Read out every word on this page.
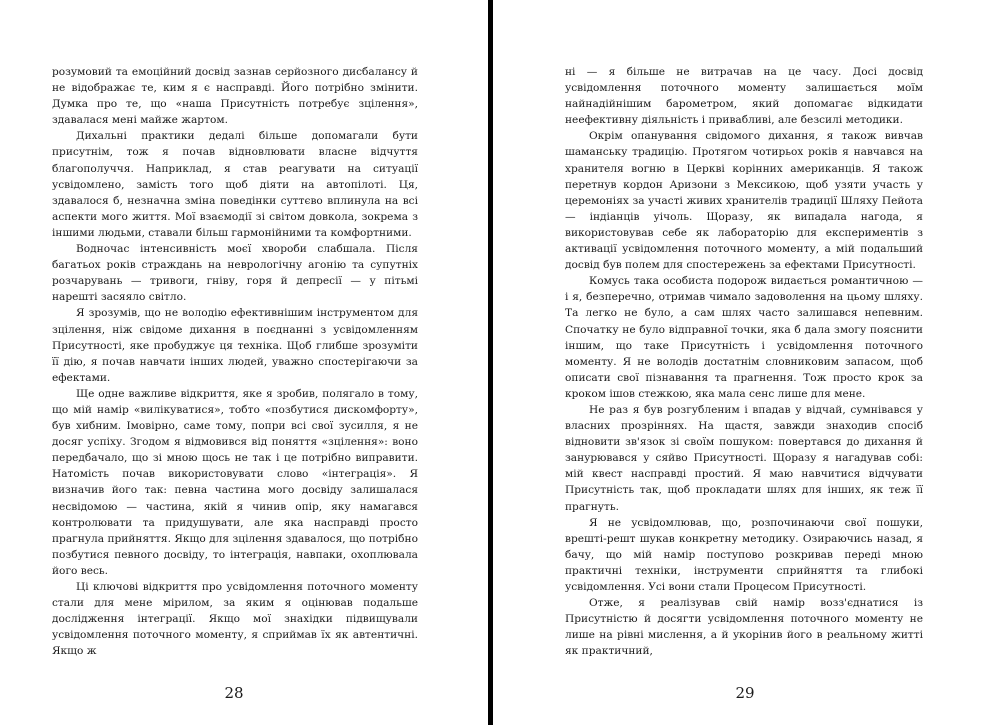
розумовий та емоційний досвід зазнав серйозного дисбалансу й не відображає те, ким я є насправді. Його потрібно змінити. Думка про те, що «наша Присутність потребує зцілення», здавалася мені майже жартом.

Дихальні практики дедалі більше допомагали бути присутнім, тож я почав відновлювати власне відчуття благополуччя. Наприклад, я став реагувати на ситуації усвідомлено, замість того щоб діяти на автопілоті. Ця, здавалося б, незначна зміна поведінки суттєво вплинула на всі аспекти мого життя. Мої взаємодії зі світом довкола, зокрема з іншими людьми, ставали більш гармонійними та комфортними.

Водночас інтенсивність моєї хвороби слабшала. Після багатьох років страждань на неврологічну агонію та супутніх розчарувань — тривоги, гніву, горя й депресії — у пітьмі нарешті засяяло світло.

Я зрозумів, що не володію ефективнішим інструментом для зцілення, ніж свідоме дихання в поєднанні з усвідомленням Присутності, яке пробуджує ця техніка. Щоб глибше зрозуміти її дію, я почав навчати інших людей, уважно спостерігаючи за ефектами.

Ще одне важливе відкриття, яке я зробив, полягало в тому, що мій намір «вилікуватися», тобто «позбутися дискомфорту», був хибним. Імовірно, саме тому, попри всі свої зусилля, я не досяг успіху. Згодом я відмовився від поняття «зцілення»: воно передбачало, що зі мною щось не так і це потрібно виправити. Натомість почав використовувати слово «інтеграція». Я визначив його так: певна частина мого досвіду залишалася несвідомою — частина, якій я чинив опір, яку намагався контролювати та придушувати, але яка насправді просто прагнула прийняття. Якщо для зцілення здавалося, що потрібно позбутися певного досвіду, то інтеграція, навпаки, охоплювала його весь.

Ці ключові відкриття про усвідомлення поточного моменту стали для мене мірилом, за яким я оцінював подальше дослідження інтеграції. Якщо мої знахідки підвищували усвідомлення поточного моменту, я сприймав їх як автентичні. Якщо ж

28

ні — я більше не витрачав на це часу. Досі досвід усвідомлення поточного моменту залишається моїм найнадійнішим барометром, який допомагає відкидати неефективну діяльність і привабливі, але безсилі методики.

Окрім опанування свідомого дихання, я також вивчав шаманську традицію. Протягом чотирьох років я навчався на хранителя вогню в Церкві корінних американців. Я також перетнув кордон Аризони з Мексикою, щоб узяти участь у церемоніях за участі живих хранителів традиції Шляху Пейота — індіанців уічоль. Щоразу, як випадала нагода, я використовував себе як лабораторію для експериментів з активації усвідомлення поточного моменту, а мій подальший досвід був полем для спостережень за ефектами Присутності.

Комусь така особиста подорож видається романтичною — і я, безперечно, отримав чимало задоволення на цьому шляху. Та легко не було, а сам шлях часто залишався непевним. Спочатку не було відправної точки, яка б дала змогу пояснити іншим, що таке Присутність і усвідомлення поточного моменту. Я не володів достатнім словниковим запасом, щоб описати свої пізнавання та прагнення. Тож просто крок за кроком ішов стежкою, яка мала сенс лише для мене.

Не раз я був розгубленим і впадав у відчай, сумнівався у власних прозріннях. На щастя, завжди знаходив спосіб відновити зв'язок зі своїм пошуком: повертався до дихання й занурювався у сяйво Присутності. Щоразу я нагадував собі: мій квест насправді простий. Я маю навчитися відчувати Присутність так, щоб прокладати шлях для інших, як теж її прагнуть.

Я не усвідомлював, що, розпочинаючи свої пошуки, врешті-решт шукав конкретну методику. Озираючись назад, я бачу, що мій намір поступово розкривав переді мною практичні техніки, інструменти сприйняття та глибокі усвідомлення. Усі вони стали Процесом Присутності.

Отже, я реалізував свій намір возз'єднатися із Присутністю й досягти усвідомлення поточного моменту не лише на рівні мислення, а й укорінив його в реальному житті як практичний,

29
